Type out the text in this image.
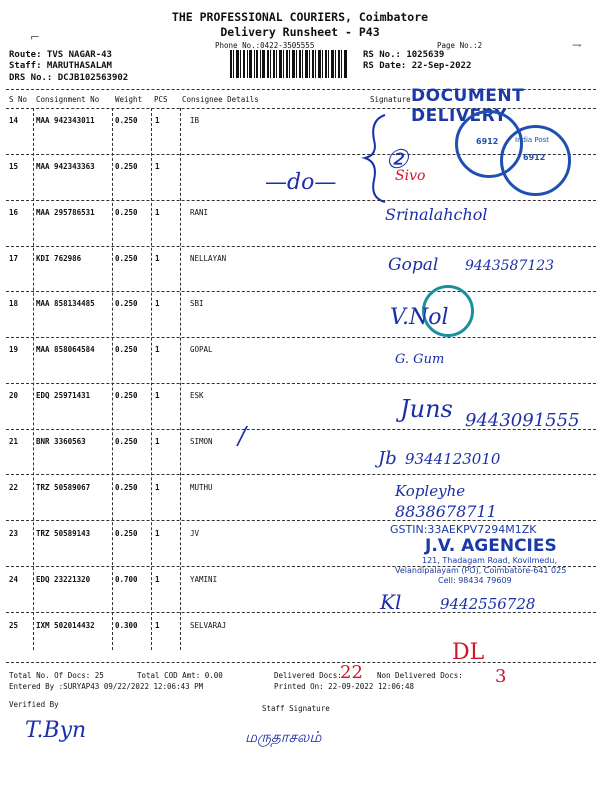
THE PROFESSIONAL COURIERS, Coimbatore
Delivery Runsheet - P43
Phone No.:0422-3505555	Page No.:2
Route: TVS NAGAR-43
Staff: MARUTHASALAM
DRS No.: DCJB102563902
RS No.: 1025639
RS Date: 22-Sep-2022
⌐
⇁
S No Consignment No Weight PCS Consignee Details	Signature DOCUMENT DELIVERY
14 MAA 942343011	0.250 1	IB
15 MAA 942343363	0.250 1
16 MAA 295786531	0.250 1	RANI
17 KDI 762986	0.250 1	NELLAYAN
18 MAA 858134485	0.250 1	SBI
19 MAA 858064584	0.250 1	GOPAL
20 EDQ 25971431	0.250 1	ESK
21 BNR 3360563	0.250 1	SIMON
22 TRZ 50589067	0.250 1	MUTHU
23 TRZ 50589143	0.250 1	JV
24 EDQ 23221320	0.700 1	YAMINI
25 IXM 502014432	0.300 1	SELVARAJ
—do—
②
Sivo
6912 India Post
6912
Srinalahchol
Gopal 9443587123
V.Nol
G. Gum
Juns 9443091555
/
Jb 9344123010
Kopleyhe
8838678711
GSTIN:33AEKPV7294M1ZK
J.V. AGENCIES
121, Thadagam Road, Kovilmedu,
Velandipalayam (PO), Coimbatore-641 025
Cell: 98434 79609
Kl	9442556728
DL
Total No. Of Docs: 25	Total COD Amt: 0.00	Delivered Docs:
22 Non Delivered Docs: 3
Entered By :SURYAP43 09/22/2022 12:06:43 PM	Printed On: 22-09-2022 12:06:48
Verified By	Staff Signature
T.Byn	மருதாசலம்
